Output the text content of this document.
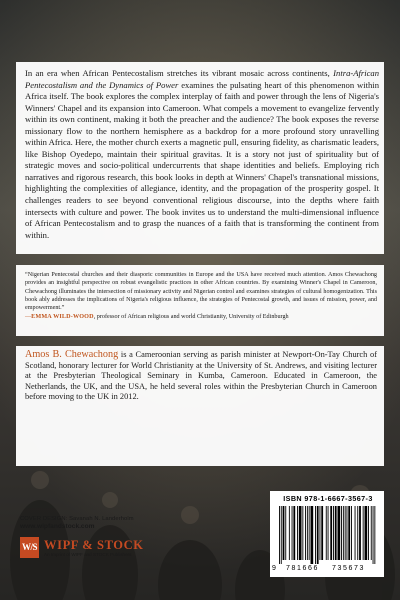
In an era when African Pentecostalism stretches its vibrant mosaic across continents, Intra-African Pentecostalism and the Dynamics of Power examines the pulsating heart of this phenomenon within Africa itself. The book explores the complex interplay of faith and power through the lens of Nigeria's Winners' Chapel and its expansion into Cameroon. What compels a movement to evangelize fervently within its own continent, making it both the preacher and the audience? The book exposes the reverse missionary flow to the northern hemisphere as a backdrop for a more profound story unravelling within Africa. Here, the mother church exerts a magnetic pull, ensuring fidelity, as charismatic leaders, like Bishop Oyedepo, maintain their spiritual gravitas. It is a story not just of spirituality but of strategic moves and socio-political undercurrents that shape identities and beliefs. Employing rich narratives and rigorous research, this book looks in depth at Winners' Chapel's transnational missions, highlighting the complexities of allegiance, identity, and the propagation of the prosperity gospel. It challenges readers to see beyond conventional religious discourse, into the depths where faith intersects with culture and power. The book invites us to understand the multi-dimensional influence of African Pentecostalism and to grasp the nuances of a faith that is transforming the continent from within.

“Nigerian Pentecostal churches and their diasporic communities in Europe and the USA have received much attention. Amos Chewachong provides an insightful perspective on robust evangelistic practices in other African countries. By examining Winner's Chapel in Cameroon, Chewachong illuminates the intersection of missionary activity and Nigerian control and examines strategies of cultural homogenization. This book ably addresses the implications of Nigeria's religious influence, the strategies of Pentecostal growth, and issues of mission, power, and empowerment.”

—EMMA WILD-WOOD, professor of African religious and world Christianity, University of Edinburgh

Amos B. Chewachong is a Cameroonian serving as parish minister at Newport-On-Tay Church of Scotland, honorary lecturer for World Christianity at the University of St. Andrews, and visiting lecturer at the Presbyterian Theological Seminary in Kumba, Cameroon. Educated in Cameroon, the Netherlands, the UK, and the USA, he held several roles within the Presbyterian Church in Cameroon before moving to the UK in 2012.

COVER DESIGN: Savanah N. Landerholm
www.wipfandstock.com
W/S WIPF & STOCK
An Imprint of WIPF and STOCK Publishers
ISBN 978-1-6667-3567-3
9 781666 735673
